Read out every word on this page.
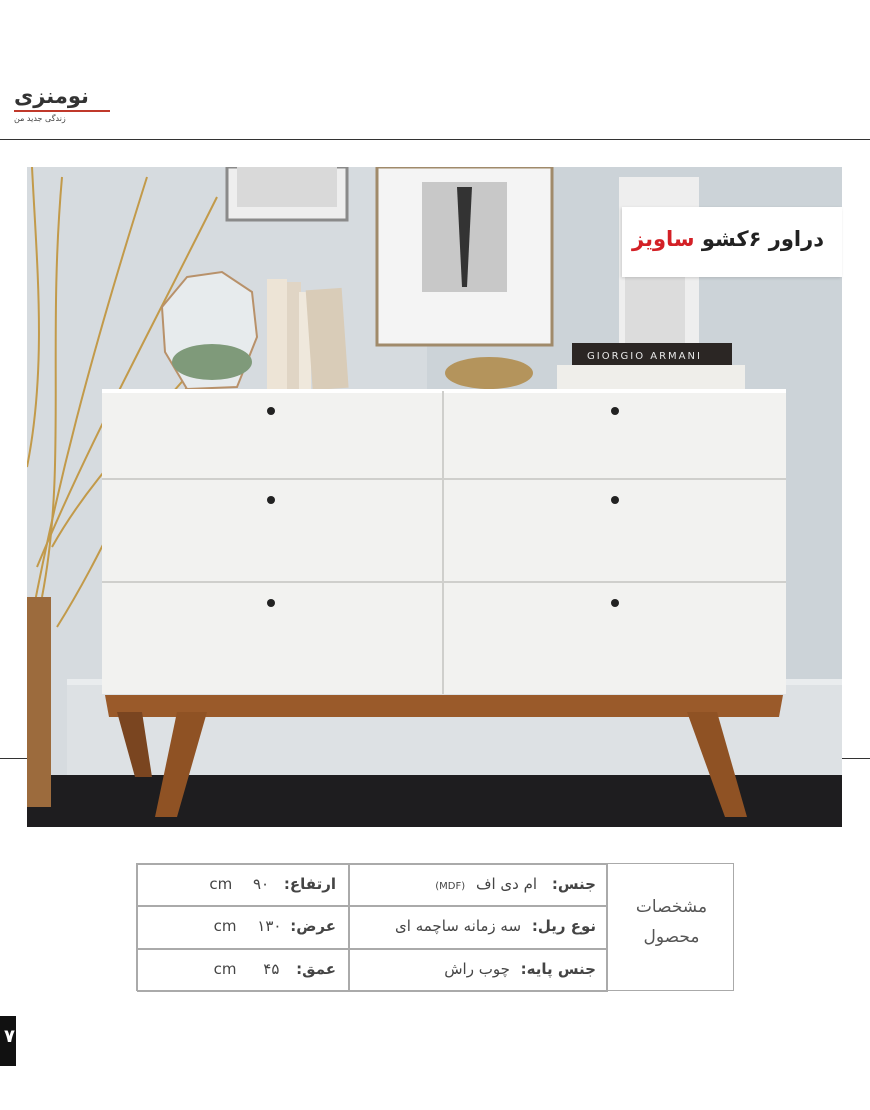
نومنزی
زندگی جدید من
GIORGIO ARMANI
دراور ۶کشو ساویز
مشخصات
محصول
جنس: ام دی اف (MDF)
نوع ریل: سه زمانه ساچمه ای
جنس پایه: چوب راش
ارتفاع: cm ۹۰
عرض: cm ۱۳۰
عمق: cm ۴۵
۷
